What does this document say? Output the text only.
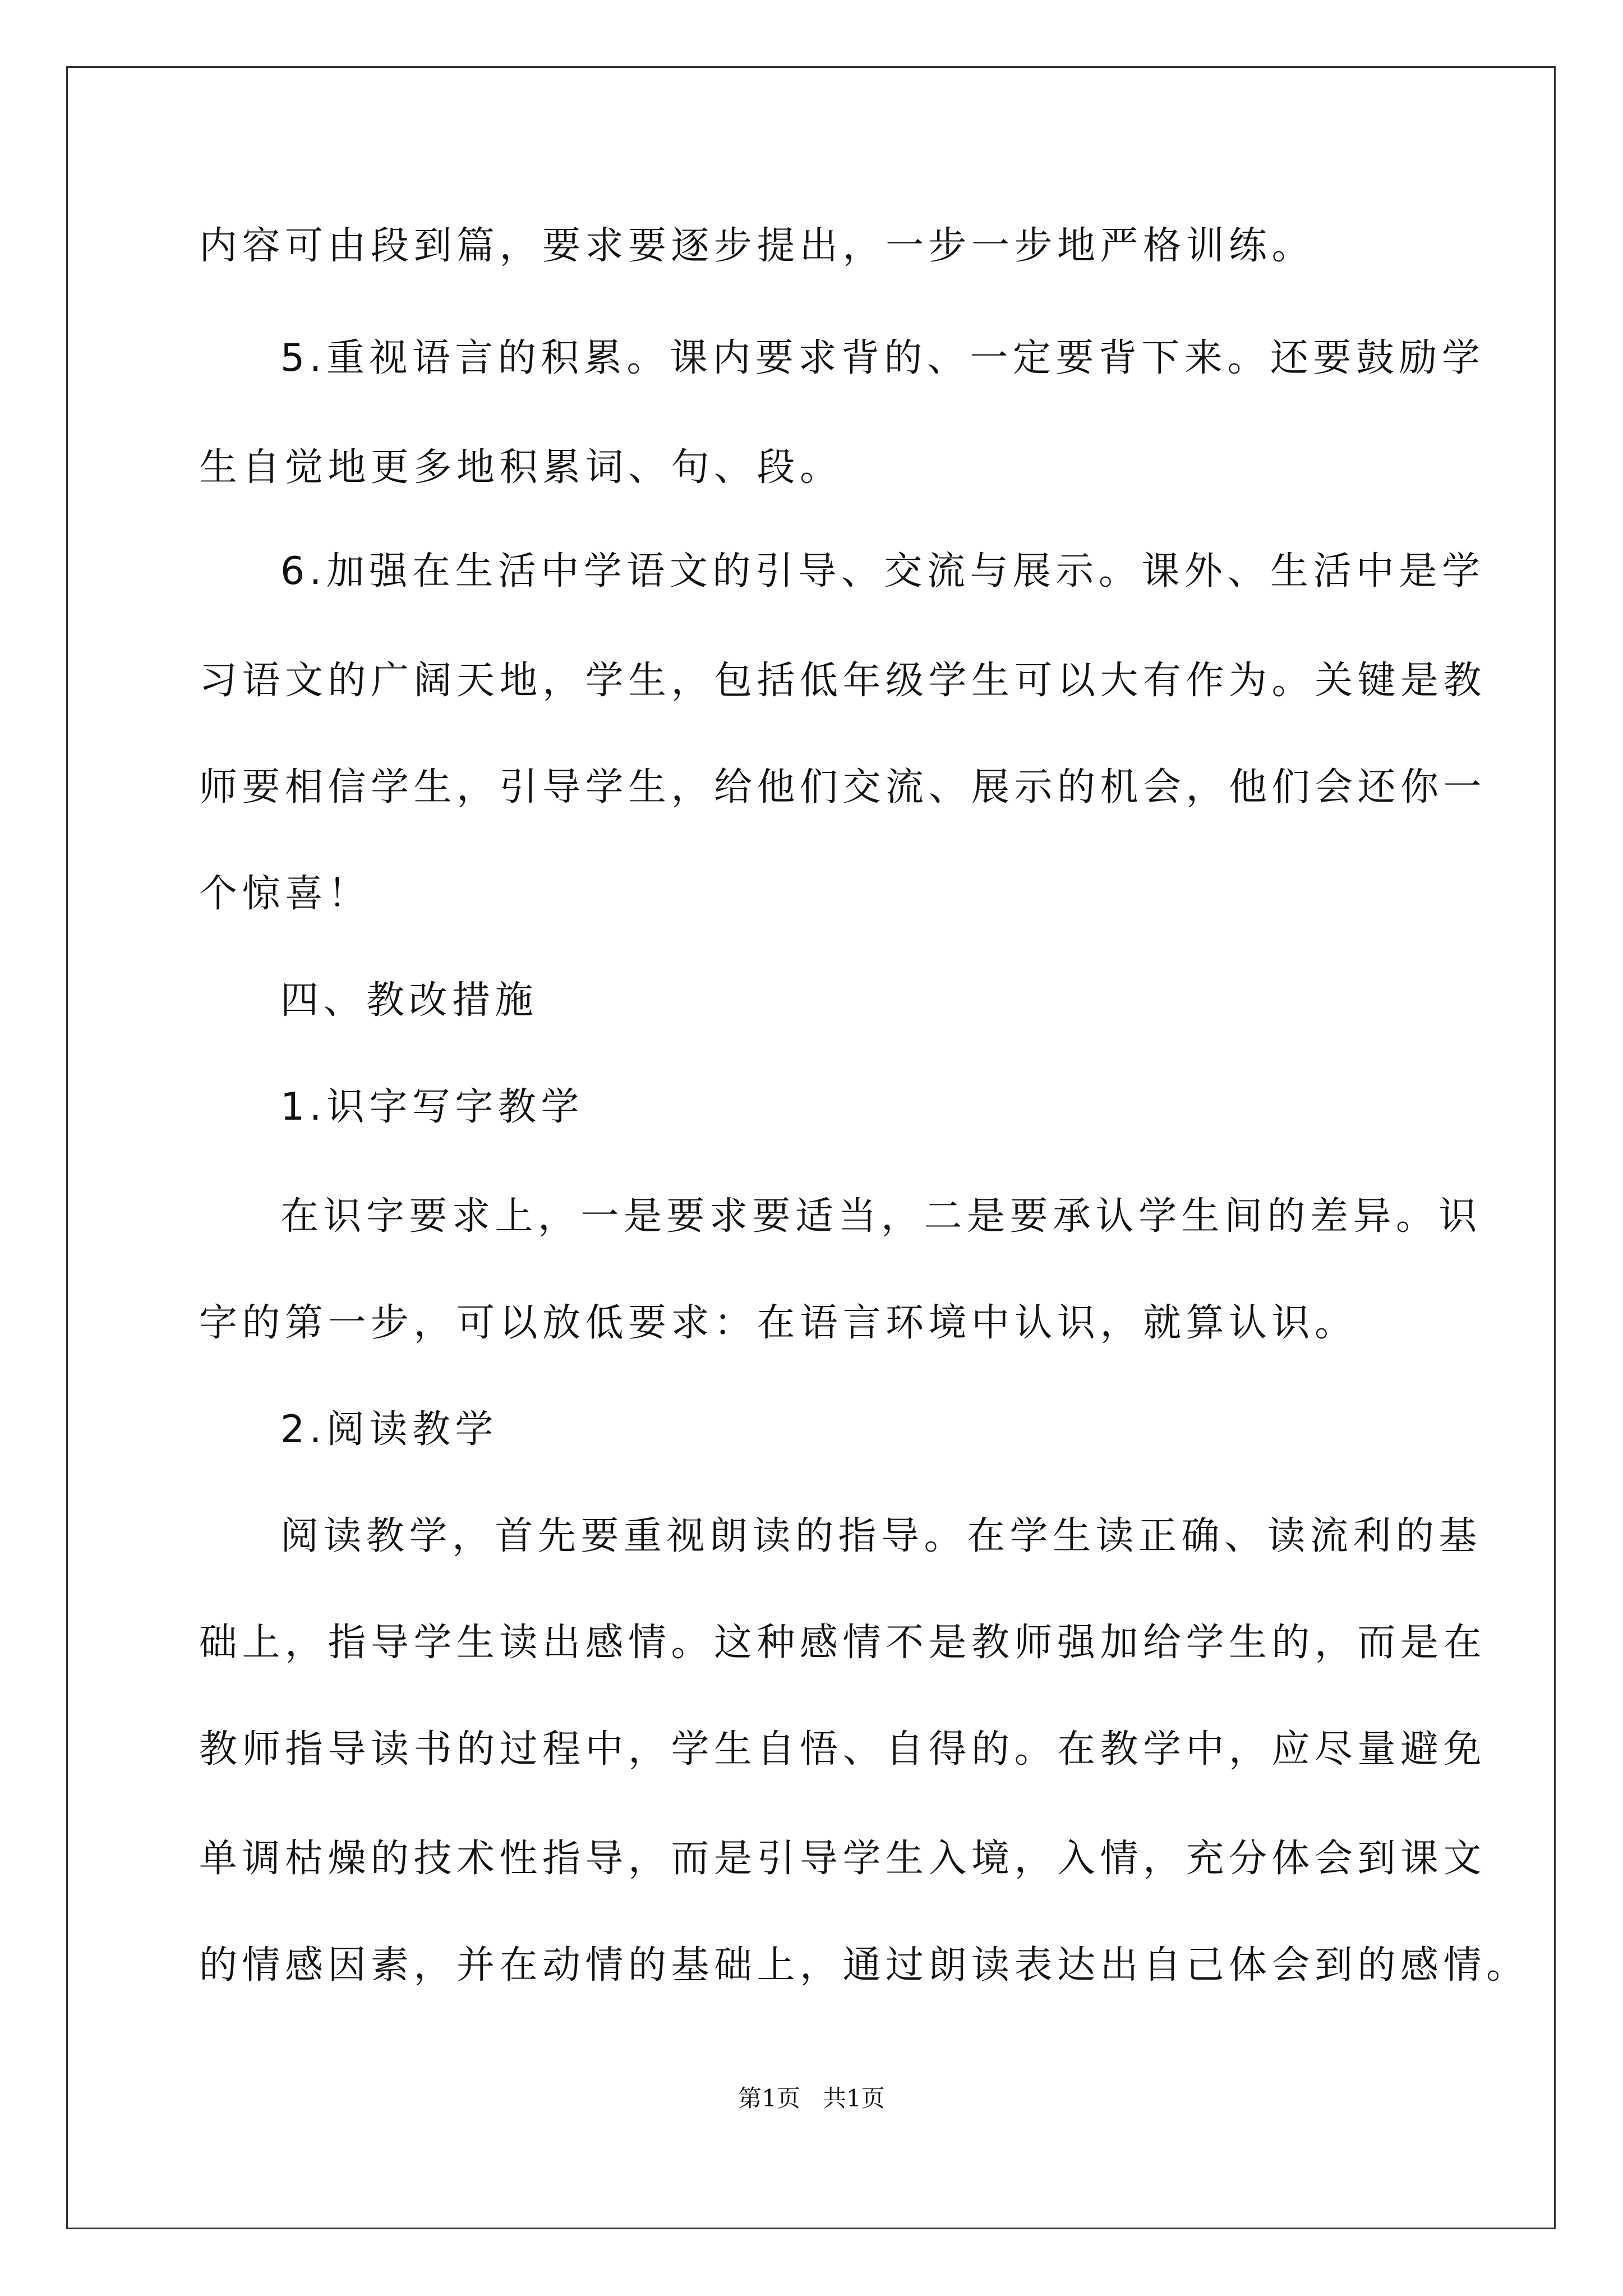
内容可由段到篇，要求要逐步提出，一步一步地严格训练。
5.重视语言的积累。课内要求背的、一定要背下来。还要鼓励学
生自觉地更多地积累词、句、段。
6.加强在生活中学语文的引导、交流与展示。课外、生活中是学
习语文的广阔天地，学生，包括低年级学生可以大有作为。关键是教
师要相信学生，引导学生，给他们交流、展示的机会，他们会还你一
个惊喜！
四、教改措施
1.识字写字教学
在识字要求上，一是要求要适当，二是要承认学生间的差异。识
字的第一步，可以放低要求：在语言环境中认识，就算认识。
2.阅读教学
阅读教学，首先要重视朗读的指导。在学生读正确、读流利的基
础上，指导学生读出感情。这种感情不是教师强加给学生的，而是在
教师指导读书的过程中，学生自悟、自得的。在教学中，应尽量避免
单调枯燥的技术性指导，而是引导学生入境，入情，充分体会到课文
的情感因素，并在动情的基础上，通过朗读表达出自己体会到的感情。
第1页   共1页
